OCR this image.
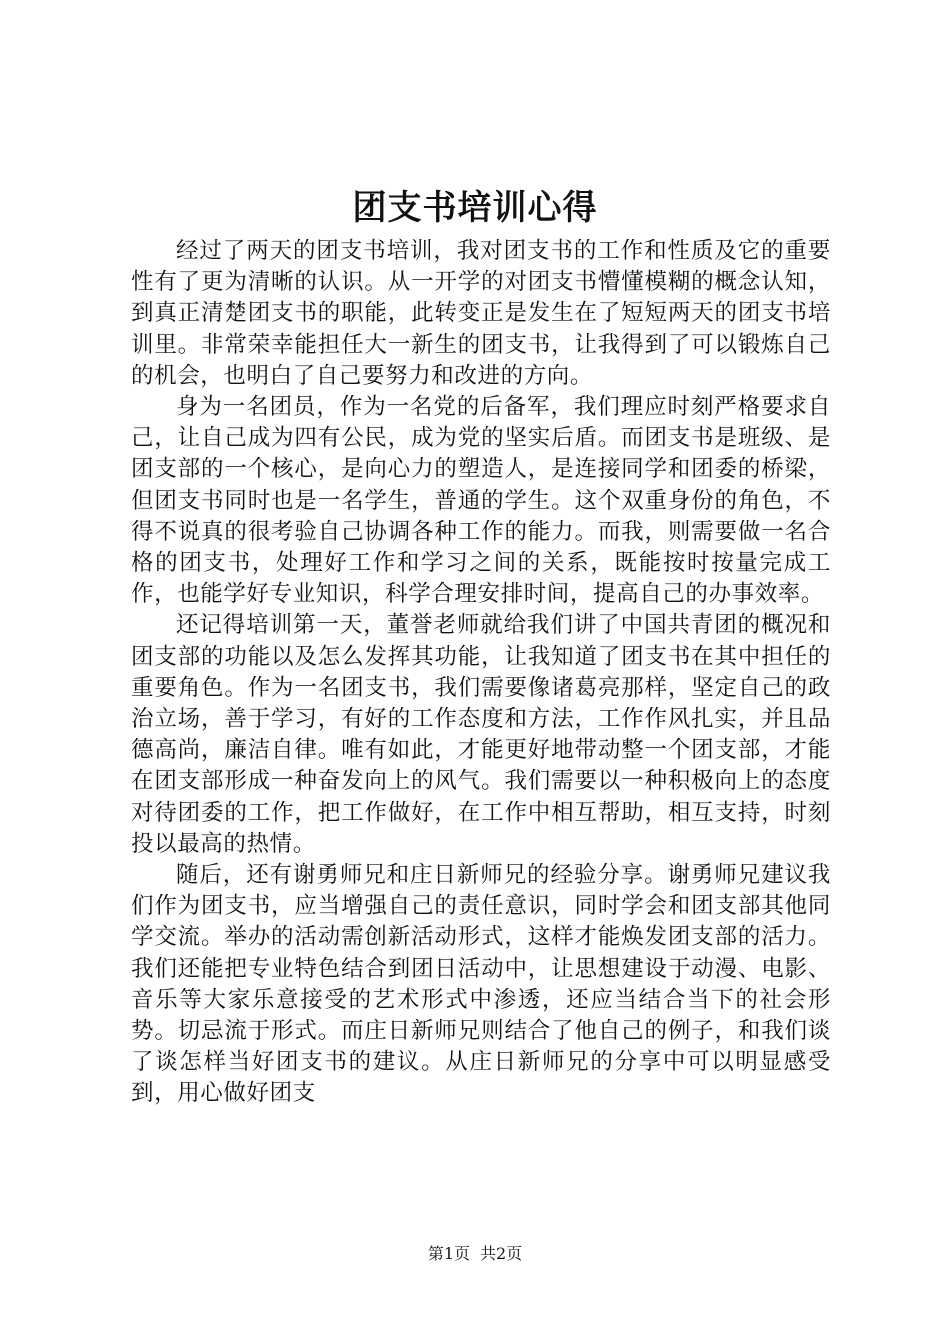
团支书培训心得

经过了两天的团支书培训，我对团支书的工作和性质及它的重要性有了更为清晰的认识。从一开学的对团支书懵懂模糊的概念认知，到真正清楚团支书的职能，此转变正是发生在了短短两天的团支书培训里。非常荣幸能担任大一新生的团支书，让我得到了可以锻炼自己的机会，也明白了自己要努力和改进的方向。

身为一名团员，作为一名党的后备军，我们理应时刻严格要求自己，让自己成为四有公民，成为党的坚实后盾。而团支书是班级、是团支部的一个核心，是向心力的塑造人，是连接同学和团委的桥梁，但团支书同时也是一名学生，普通的学生。这个双重身份的角色，不得不说真的很考验自己协调各种工作的能力。而我，则需要做一名合格的团支书，处理好工作和学习之间的关系，既能按时按量完成工作，也能学好专业知识，科学合理安排时间，提高自己的办事效率。

还记得培训第一天，董誉老师就给我们讲了中国共青团的概况和团支部的功能以及怎么发挥其功能，让我知道了团支书在其中担任的重要角色。作为一名团支书，我们需要像诸葛亮那样，坚定自己的政治立场，善于学习，有好的工作态度和方法，工作作风扎实，并且品德高尚，廉洁自律。唯有如此，才能更好地带动整一个团支部，才能在团支部形成一种奋发向上的风气。我们需要以一种积极向上的态度对待团委的工作，把工作做好，在工作中相互帮助，相互支持，时刻投以最高的热情。

随后，还有谢勇师兄和庄日新师兄的经验分享。谢勇师兄建议我们作为团支书，应当增强自己的责任意识，同时学会和团支部其他同学交流。举办的活动需创新活动形式，这样才能焕发团支部的活力。我们还能把专业特色结合到团日活动中，让思想建设于动漫、电影、音乐等大家乐意接受的艺术形式中渗透，还应当结合当下的社会形势。切忌流于形式。而庄日新师兄则结合了他自己的例子，和我们谈了谈怎样当好团支书的建议。从庄日新师兄的分享中可以明显感受到，用心做好团支

第1页 共2页
